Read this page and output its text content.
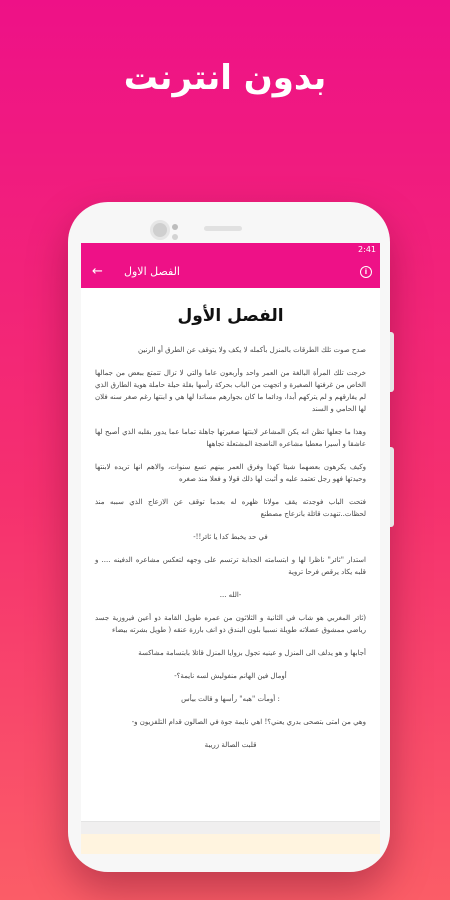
بدون انترنت
2:41
← الفصل الاول	i
الفصل الأول

صدح صوت تلك الطرقات بالمنزل بأكمله لا يكف ولا يتوقف عن الطرق أو الرنين

خرجت تلك المرأة البالغة من العمر واحد وأربعون عاما والتي لا تزال تتمتع ببعض من جمالها الخاص من غرفتها الصغيرة و اتجهت من الباب بحركة رأسها بقلة حيلة حاملة هوية الطارق الذي لم يفارقهم و لم يتركهم أبدا، ودائما ما كان بجوارهم مساندا لها هي و ابنتها رغم صغر سنه فلان لها الحامي و السند

وهذا ما جعلها تظن انه يكن المشاعر لابنتها صغيرتها جاهلة تماما عما يدور بقلبه الذي أصبح لها عاشقا و أسيرا معطيا مشاعره الناضجة المشتعلة تجاهها

وكيف يكرهون بعضهما شيئا كهذا وفرق العمر بينهم تسع سنوات، والاهم انها تريده لابنتها وحيدتها فهو رجل تعتمد عليه و أثبت لها ذلك قولا و فعلا منذ صغره

فتحت الباب فوجدته يقف مولانا ظهره له بعدما توقف عن الازعاج الذي سببه منذ لحظات..تنهدت قائلة بانزعاج مصطنع

في حد يخبط كدا يا ثائر!!-

استدار "ثائر" ناظرا لها و ابتسامته الجذابة ترتسم على وجهه لتعكس مشاعره الدفينه .... و قلبه يكاد يرقص فرحا تروية

-الله ...

(ثائر المغربي هو شاب في الثانية و الثلاثون من عمره طويل القامة ذو أعين فيروزية جسد رياضي ممشوق عضلاته طويلة نسبيا بلون البندق ذو انف بارزة عنقه ( طويل بشرته بيضاء

أجابها و هو يدلف الى المنزل و عينيه تجول بزوايا المنزل قائلا بابتسامة مشاكسة

أومال فين الهانم منفوليش لسه نايمة؟-

: أومأت "هبه" رأسها و قالت بيأس

وهي من امتى بتصحى بدري يعني؟! اهي نايمة جوة في الصالون قدام التلفزيون و-

قلبت الصالة زريبة
